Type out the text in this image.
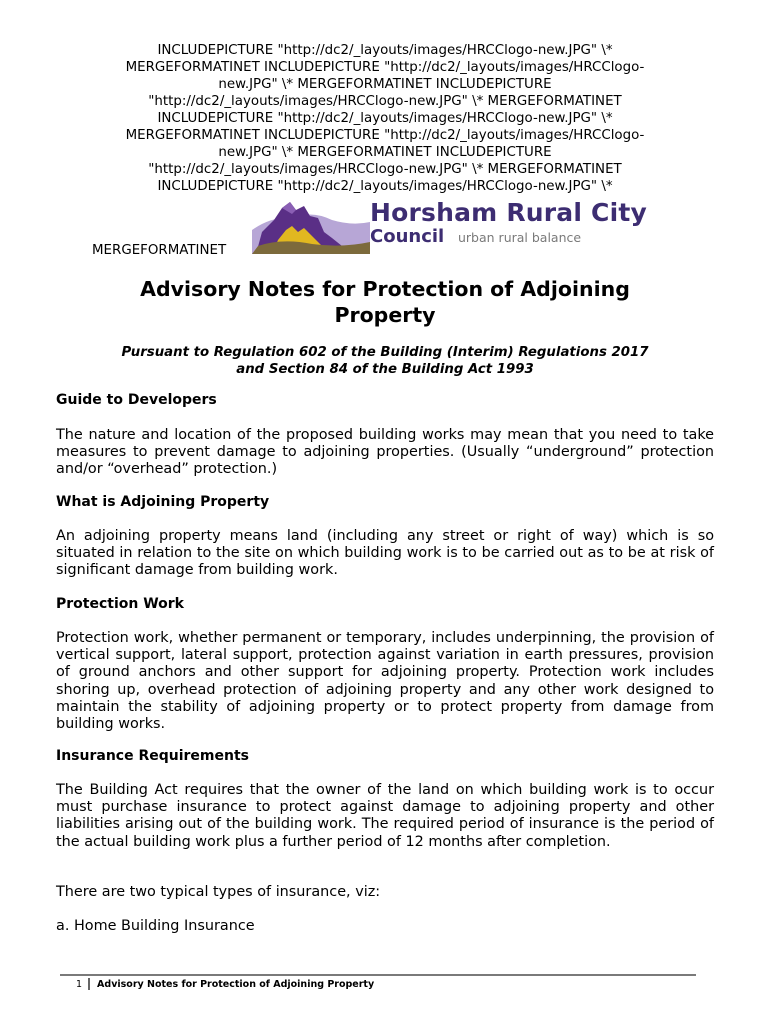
INCLUDEPICTURE "http://dc2/_layouts/images/HRCClogo-new.JPG" \*
MERGEFORMATINET INCLUDEPICTURE "http://dc2/_layouts/images/HRCClogo-
new.JPG" \* MERGEFORMATINET INCLUDEPICTURE
"http://dc2/_layouts/images/HRCClogo-new.JPG" \* MERGEFORMATINET
INCLUDEPICTURE "http://dc2/_layouts/images/HRCClogo-new.JPG" \*
MERGEFORMATINET INCLUDEPICTURE "http://dc2/_layouts/images/HRCClogo-
new.JPG" \* MERGEFORMATINET INCLUDEPICTURE
"http://dc2/_layouts/images/HRCClogo-new.JPG" \* MERGEFORMATINET
INCLUDEPICTURE "http://dc2/_layouts/images/HRCClogo-new.JPG" \*
MERGEFORMATINET
Horsham Rural City
Council urban rural balance
Advisory Notes for Protection of Adjoining
Property
Pursuant to Regulation 602 of the Building (Interim) Regulations 2017
and Section 84 of the Building Act 1993
Guide to Developers
The nature and location of the proposed building works may mean that you need to take measures to prevent damage to adjoining properties. (Usually “underground” protection and/or “overhead” protection.)
What is Adjoining Property
An adjoining property means land (including any street or right of way) which is so situated in relation to the site on which building work is to be carried out as to be at risk of significant damage from building work.
Protection Work
Protection work, whether permanent or temporary, includes underpinning, the provision of vertical support, lateral support, protection against variation in earth pressures, provision of ground anchors and other support for adjoining property. Protection work includes shoring up, overhead protection of adjoining property and any other work designed to maintain the stability of adjoining property or to protect property from damage from building works.
Insurance Requirements
The Building Act requires that the owner of the land on which building work is to occur must purchase insurance to protect against damage to adjoining property and other liabilities arising out of the building work. The required period of insurance is the period of the actual building work plus a further period of 12 months after completion.
There are two typical types of insurance, viz:
a. Home Building Insurance
1 Advisory Notes for Protection of Adjoining Property
